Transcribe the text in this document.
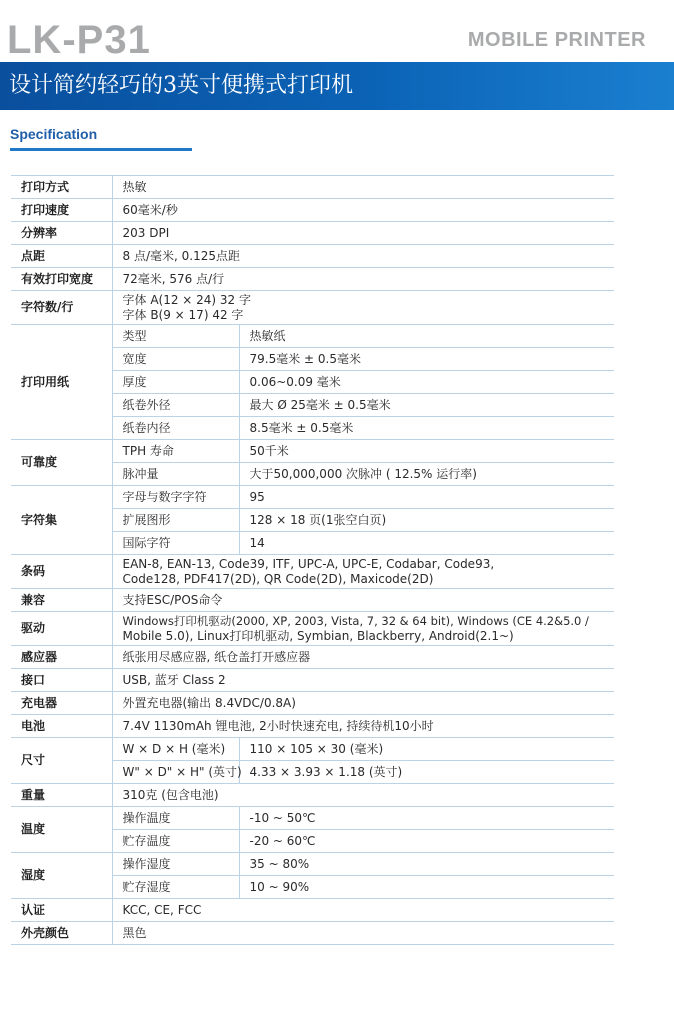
LK-P31	MOBILE PRINTER
设计简约轻巧的3英寸便携式打印机
Specification
打印方式	热敏	
打印速度	60毫米/秒	
分辨率	203 DPI	
点距	8 点/毫米, 0.125点距	
有效打印宽度	72毫米, 576 点/行	
字符数/行	字体 A(12 × 24) 32 字
字体 B(9 × 17) 42 字	

打印用纸	类型	热敏纸
	宽度	79.5毫米 ± 0.5毫米
	厚度	0.06~0.09 毫米
	纸卷外径	最大 Ø 25毫米 ± 0.5毫米
	纸卷内径	8.5毫米 ± 0.5毫米
可靠度	TPH 寿命	50千米
	脉冲量	大于50,000,000 次脉冲 ( 12.5% 运行率)
字符集	字母与数字字符	95
	扩展图形	128 × 18 页(1张空白页)
	国际字符	14
条码	EAN-8, EAN-13, Code39, ITF, UPC-A, UPC-E, Codabar, Code93,
Code128, PDF417(2D), QR Code(2D), Maxicode(2D)	

兼容	支持ESC/POS命令	
驱动	Windows打印机驱动(2000, XP, 2003, Vista, 7, 32 & 64 bit), Windows (CE 4.2&5.0 /
Mobile 5.0), Linux打印机驱动, Symbian, Blackberry, Android(2.1~)	

感应器	纸张用尽感应器, 纸仓盖打开感应器	
接口	USB, 蓝牙 Class 2	
充电器	外置充电器(输出 8.4VDC/0.8A)	
电池	7.4V 1130mAh 锂电池, 2小时快速充电, 持续待机10小时	
尺寸	W × D × H (毫米)	110 × 105 × 30 (毫米)
	W" × D" × H" (英寸)	4.33 × 3.93 × 1.18 (英寸)
重量	310克 (包含电池)	
温度	操作温度	-10 ~ 50℃
	贮存温度	-20 ~ 60℃
湿度	操作湿度	35 ~ 80%
	贮存湿度	10 ~ 90%
认证	KCC, CE, FCC	
外壳颜色	黑色	
